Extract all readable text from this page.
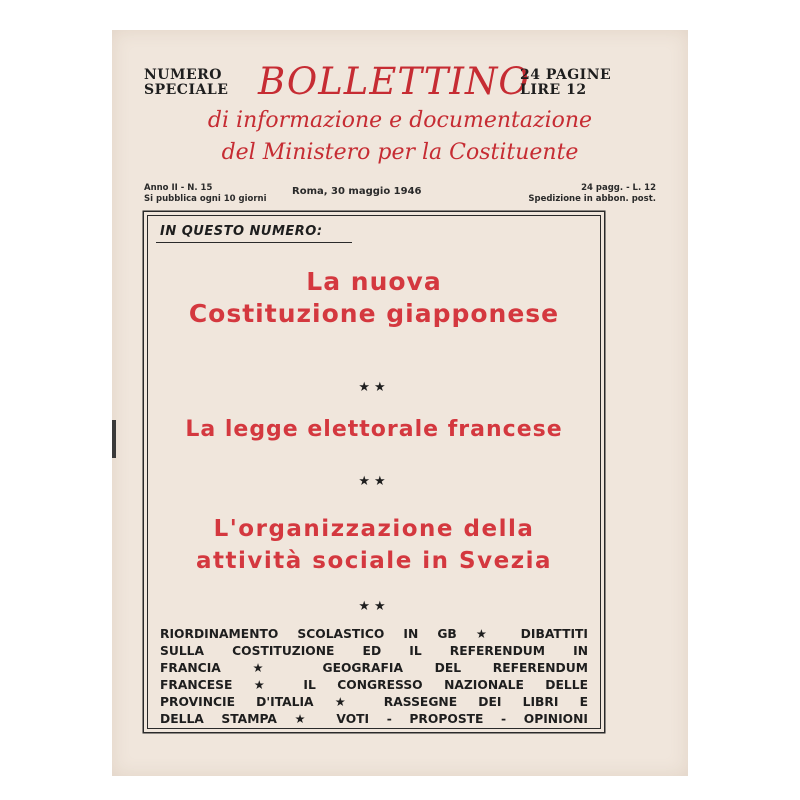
NUMERO
SPECIALE BOLLETTINO
24 PAGINE
LIRE 12
di informazione e documentazione
del Ministero per la Costituente
Anno II - N. 15
Si pubblica ogni 10 giorni
Roma, 30 maggio 1946	24 pagg. - L. 12
Spedizione in abbon. post.
IN QUESTO NUMERO:
La nuova
Costituzione giapponese
★★
La legge elettorale francese
★★
L'organizzazione della
attività sociale in Svezia
★★
RIORDINAMENTO SCOLASTICO IN GB ★ DIBATTITI
SULLA COSTITUZIONE ED IL REFERENDUM IN
FRANCIA ★ GEOGRAFIA DEL REFERENDUM
FRANCESE ★ IL CONGRESSO NAZIONALE DELLE
PROVINCIE D'ITALIA ★ RASSEGNE DEI LIBRI E
DELLA STAMPA ★ VOTI - PROPOSTE - OPINIONI
